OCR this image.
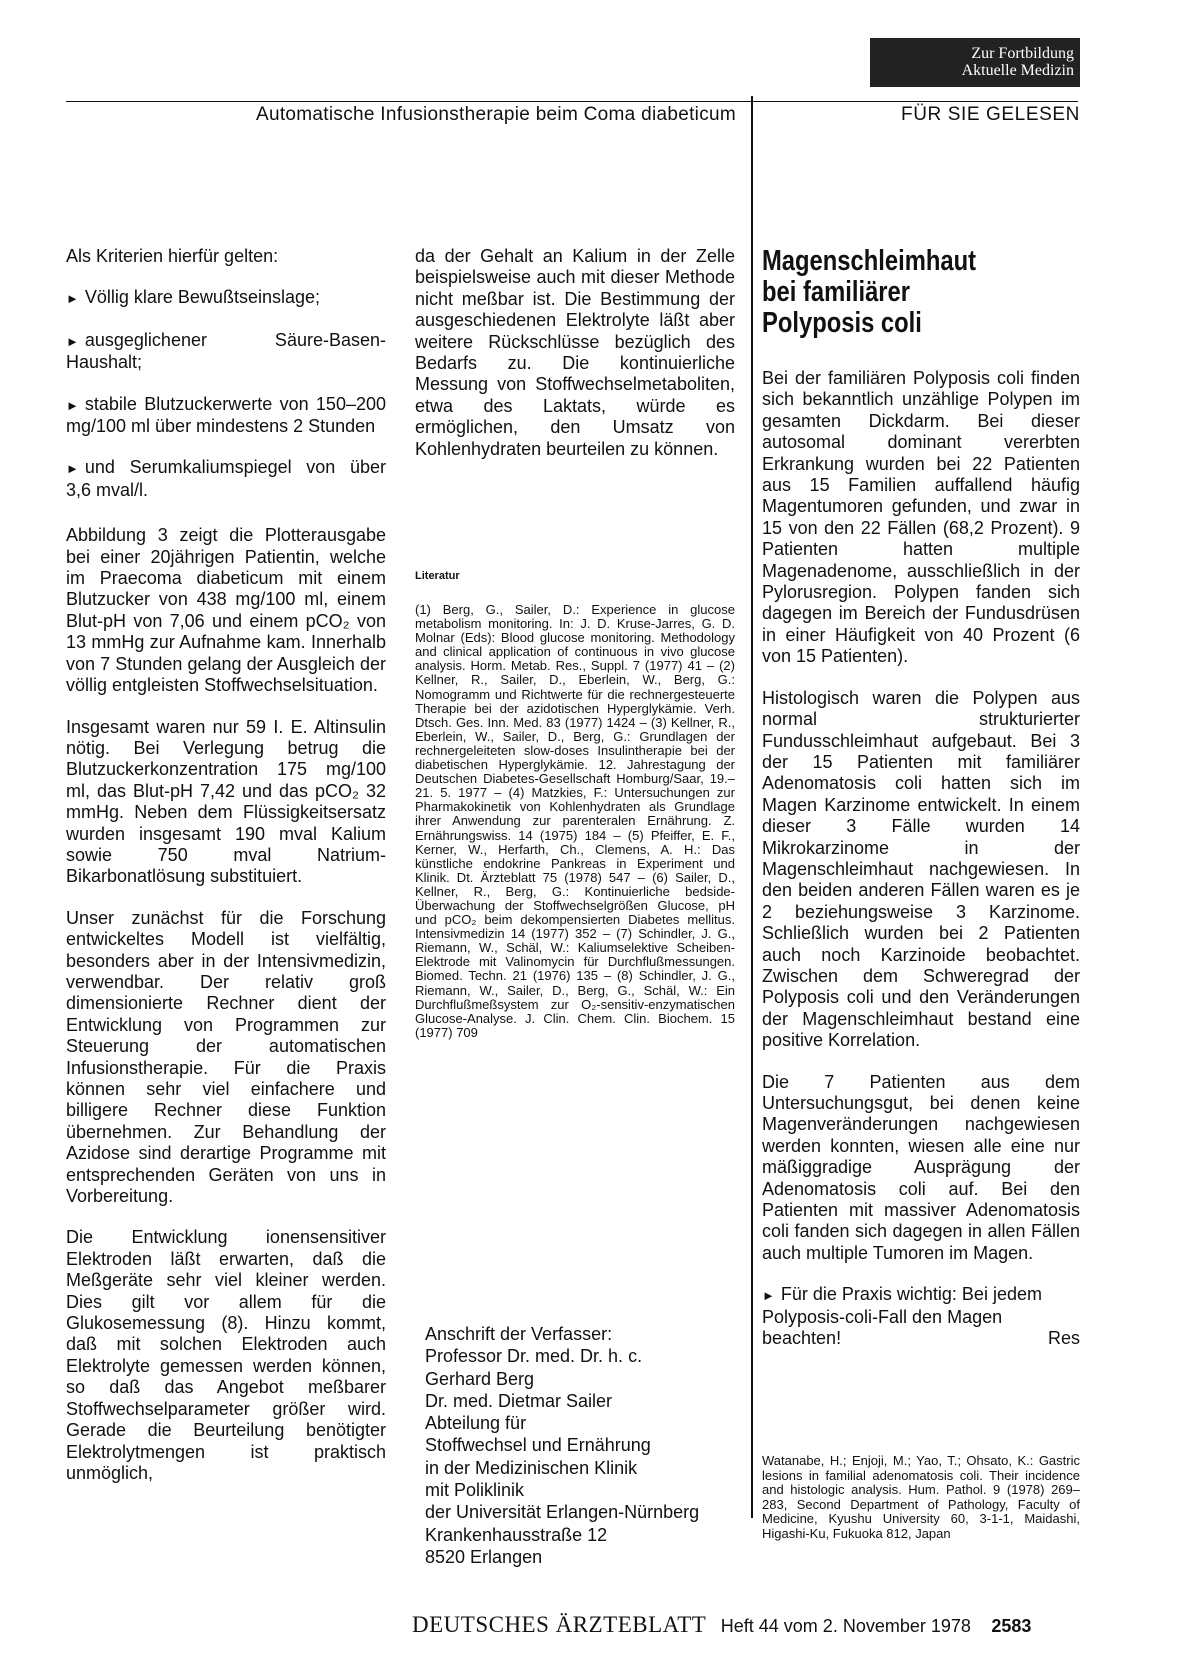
Zur Fortbildung
Aktuelle Medizin
Automatische Infusionstherapie beim Coma diabeticum	FÜR SIE GELESEN

Als Kriterien hierfür gelten:

► Völlig klare Bewußtseinslage;

► ausgeglichener Säure-Basen-Haushalt;

► stabile Blutzuckerwerte von 150–200 mg/100 ml über mindestens 2 Stunden

► und Serumkaliumspiegel von über 3,6 mval/l.

Abbildung 3 zeigt die Plotterausgabe bei einer 20jährigen Patientin, welche im Praecoma diabeticum mit einem Blutzucker von 438 mg/100 ml, einem Blut-pH von 7,06 und einem pCO₂ von 13 mmHg zur Aufnahme kam. Innerhalb von 7 Stunden gelang der Ausgleich der völlig entgleisten Stoffwechselsituation.

Insgesamt waren nur 59 I. E. Altinsulin nötig. Bei Verlegung betrug die Blutzuckerkonzentration 175 mg/100 ml, das Blut-pH 7,42 und das pCO₂ 32 mmHg. Neben dem Flüssigkeitsersatz wurden insgesamt 190 mval Kalium sowie 750 mval Natrium-Bikarbonatlösung substituiert.

Unser zunächst für die Forschung entwickeltes Modell ist vielfältig, besonders aber in der Intensivmedizin, verwendbar. Der relativ groß dimensionierte Rechner dient der Entwicklung von Programmen zur Steuerung der automatischen Infusionstherapie. Für die Praxis können sehr viel einfachere und billigere Rechner diese Funktion übernehmen. Zur Behandlung der Azidose sind derartige Programme mit entsprechenden Geräten von uns in Vorbereitung.

Die Entwicklung ionensensitiver Elektroden läßt erwarten, daß die Meßgeräte sehr viel kleiner werden. Dies gilt vor allem für die Glukosemessung (8). Hinzu kommt, daß mit solchen Elektroden auch Elektrolyte gemessen werden können, so daß das Angebot meßbarer Stoffwechselparameter größer wird. Gerade die Beurteilung benötigter Elektrolytmengen ist praktisch unmöglich,

da der Gehalt an Kalium in der Zelle beispielsweise auch mit dieser Methode nicht meßbar ist. Die Bestimmung der ausgeschiedenen Elektrolyte läßt aber weitere Rückschlüsse bezüglich des Bedarfs zu. Die kontinuierliche Messung von Stoffwechselmetaboliten, etwa des Laktats, würde es ermöglichen, den Umsatz von Kohlenhydraten beurteilen zu können.

Literatur
(1) Berg, G., Sailer, D.: Experience in glucose metabolism monitoring. In: J. D. Kruse-Jarres, G. D. Molnar (Eds): Blood glucose monitoring. Methodology and clinical application of continuous in vivo glucose analysis. Horm. Metab. Res., Suppl. 7 (1977) 41 – (2) Kellner, R., Sailer, D., Eberlein, W., Berg, G.: Nomogramm und Richtwerte für die rechnergesteuerte Therapie bei der azidotischen Hyperglykämie. Verh. Dtsch. Ges. Inn. Med. 83 (1977) 1424 – (3) Kellner, R., Eberlein, W., Sailer, D., Berg, G.: Grundlagen der rechnergeleiteten slow-doses Insulintherapie bei der diabetischen Hyperglykämie. 12. Jahrestagung der Deutschen Diabetes-Gesellschaft Homburg/Saar, 19.–21. 5. 1977 – (4) Matzkies, F.: Untersuchungen zur Pharmakokinetik von Kohlenhydraten als Grundlage ihrer Anwendung zur parenteralen Ernährung. Z. Ernährungswiss. 14 (1975) 184 – (5) Pfeiffer, E. F., Kerner, W., Herfarth, Ch., Clemens, A. H.: Das künstliche endokrine Pankreas in Experiment und Klinik. Dt. Ärzteblatt 75 (1978) 547 – (6) Sailer, D., Kellner, R., Berg, G.: Kontinuierliche bedside-Überwachung der Stoffwechselgrößen Glucose, pH und pCO₂ beim dekompensierten Diabetes mellitus. Intensivmedizin 14 (1977) 352 – (7) Schindler, J. G., Riemann, W., Schäl, W.: Kaliumselektive Scheiben-Elektrode mit Valinomycin für Durchflußmessungen. Biomed. Techn. 21 (1976) 135 – (8) Schindler, J. G., Riemann, W., Sailer, D., Berg, G., Schäl, W.: Ein Durchflußmeßsystem zur O₂-sensitiv-enzymatischen Glucose-Analyse. J. Clin. Chem. Clin. Biochem. 15 (1977) 709
Anschrift der Verfasser:
Professor Dr. med. Dr. h. c.
Gerhard Berg
Dr. med. Dietmar Sailer
Abteilung für
Stoffwechsel und Ernährung
in der Medizinischen Klinik
mit Poliklinik
der Universität Erlangen-Nürnberg
Krankenhausstraße 12
8520 Erlangen
Magenschleimhaut
bei familiärer
Polyposis coli

Bei der familiären Polyposis coli finden sich bekanntlich unzählige Polypen im gesamten Dickdarm. Bei dieser autosomal dominant vererbten Erkrankung wurden bei 22 Patienten aus 15 Familien auffallend häufig Magentumoren gefunden, und zwar in 15 von den 22 Fällen (68,2 Prozent). 9 Patienten hatten multiple Magenadenome, ausschließlich in der Pylorusregion. Polypen fanden sich dagegen im Bereich der Fundusdrüsen in einer Häufigkeit von 40 Prozent (6 von 15 Patienten).

Histologisch waren die Polypen aus normal strukturierter Fundusschleimhaut aufgebaut. Bei 3 der 15 Patienten mit familiärer Adenomatosis coli hatten sich im Magen Karzinome entwickelt. In einem dieser 3 Fälle wurden 14 Mikrokarzinome in der Magenschleimhaut nachgewiesen. In den beiden anderen Fällen waren es je 2 beziehungsweise 3 Karzinome. Schließlich wurden bei 2 Patienten auch noch Karzinoide beobachtet. Zwischen dem Schweregrad der Polyposis coli und den Veränderungen der Magenschleimhaut bestand eine positive Korrelation.

Die 7 Patienten aus dem Untersuchungsgut, bei denen keine Magenveränderungen nachgewiesen werden konnten, wiesen alle eine nur mäßiggradige Ausprägung der Adenomatosis coli auf. Bei den Patienten mit massiver Adenomatosis coli fanden sich dagegen in allen Fällen auch multiple Tumoren im Magen.

► Für die Praxis wichtig: Bei jedem Polyposis-coli-Fall den Magen beachten!	Res

Watanabe, H.; Enjoji, M.; Yao, T.; Ohsato, K.: Gastric lesions in familial adenomatosis coli. Their incidence and histologic analysis. Hum. Pathol. 9 (1978) 269–283, Second Department of Pathology, Faculty of Medicine, Kyushu University 60, 3-1-1, Maidashi, Higashi-Ku, Fukuoka 812, Japan
DEUTSCHES ÄRZTEBLATT Heft 44 vom 2. November 1978 2583
